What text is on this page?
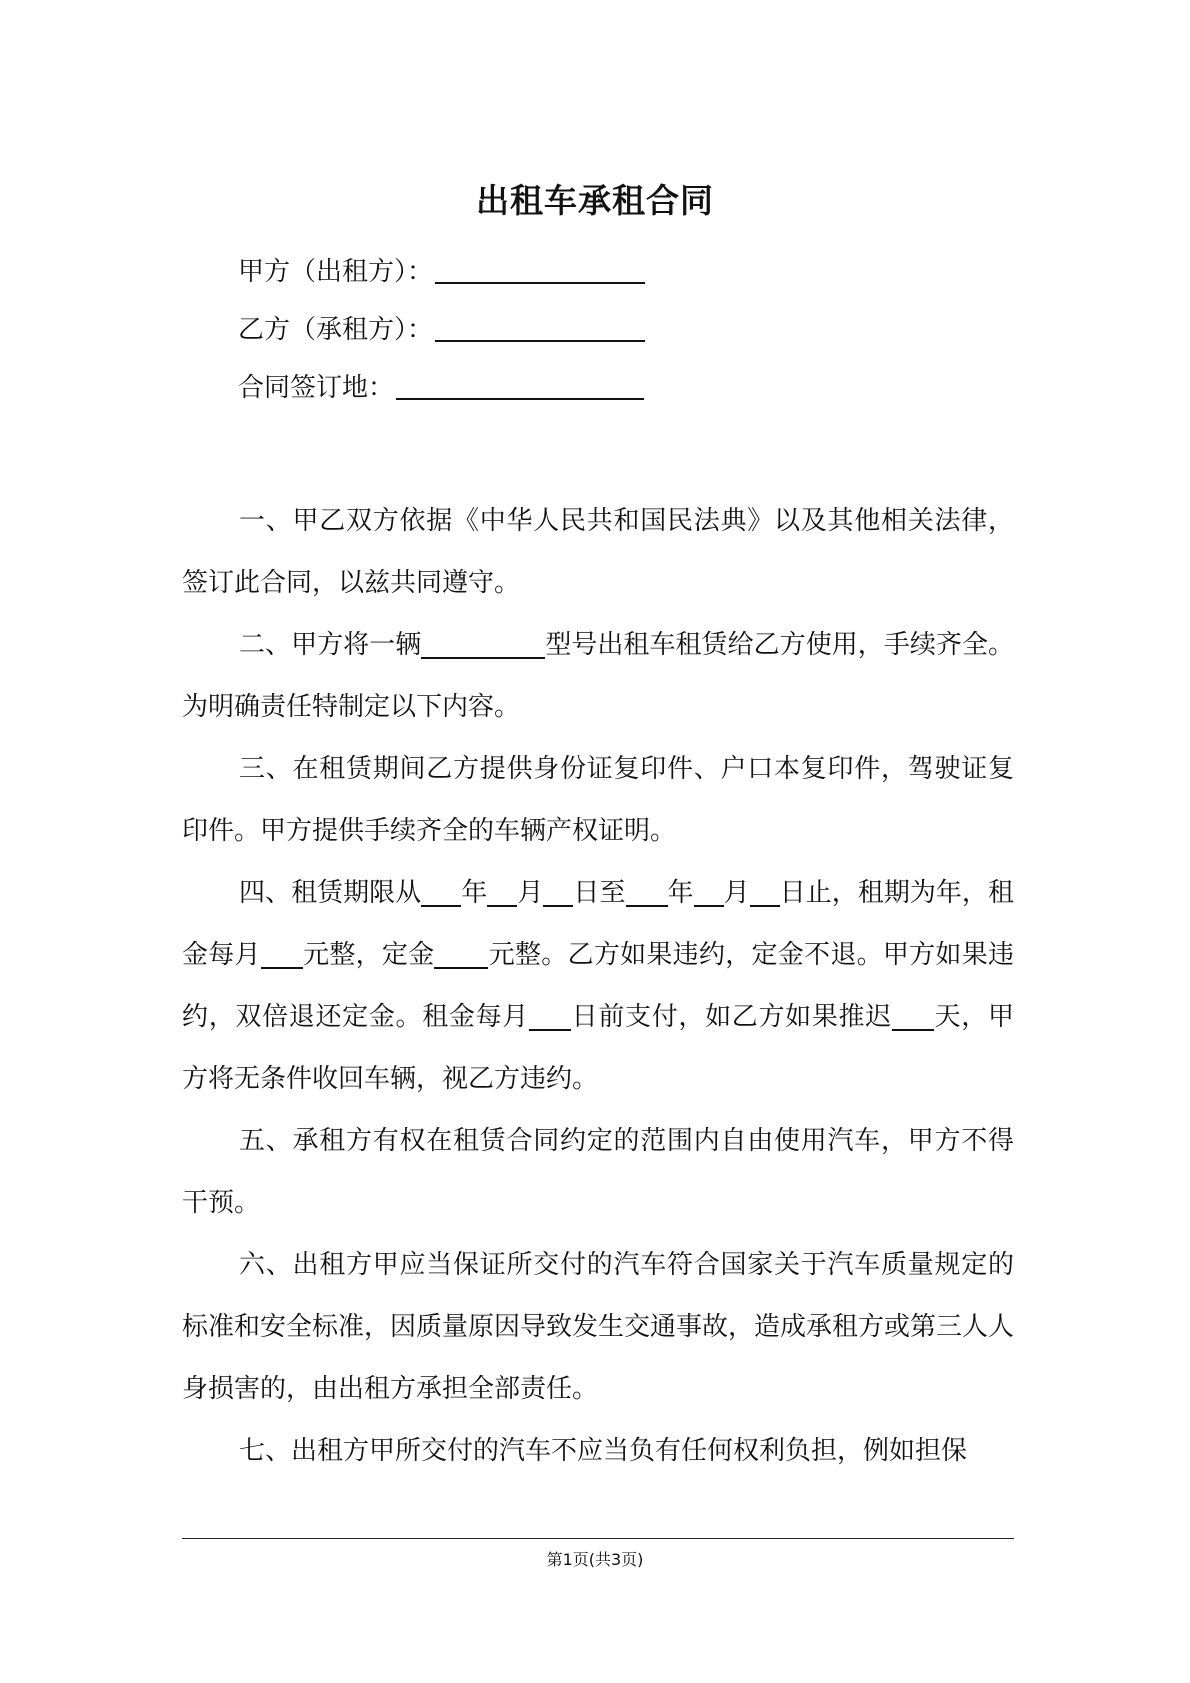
出租车承租合同
甲方（出租方）：
乙方（承租方）：
合同签订地：

一、甲乙双方依据《中华人民共和国民法典》以及其他相关法律，签订此合同，以兹共同遵守。

二、甲方将一辆	型号出租车租赁给乙方使用，手续齐全。为明确责任特制定以下内容。

三、在租赁期间乙方提供身份证复印件、户口本复印件，驾驶证复印件。甲方提供手续齐全的车辆产权证明。

四、租赁期限从 年 月 日至 年 月 日止，租期为年，租金每月 元整，定金 元整。乙方如果违约，定金不退。甲方如果违约，双倍退还定金。租金每月 日前支付，如乙方如果推迟 天，甲方将无条件收回车辆，视乙方违约。

五、承租方有权在租赁合同约定的范围内自由使用汽车，甲方不得干预。

六、出租方甲应当保证所交付的汽车符合国家关于汽车质量规定的标准和安全标准，因质量原因导致发生交通事故，造成承租方或第三人人身损害的，由出租方承担全部责任。

七、出租方甲所交付的汽车不应当负有任何权利负担，例如担保

第1页(共3页)
